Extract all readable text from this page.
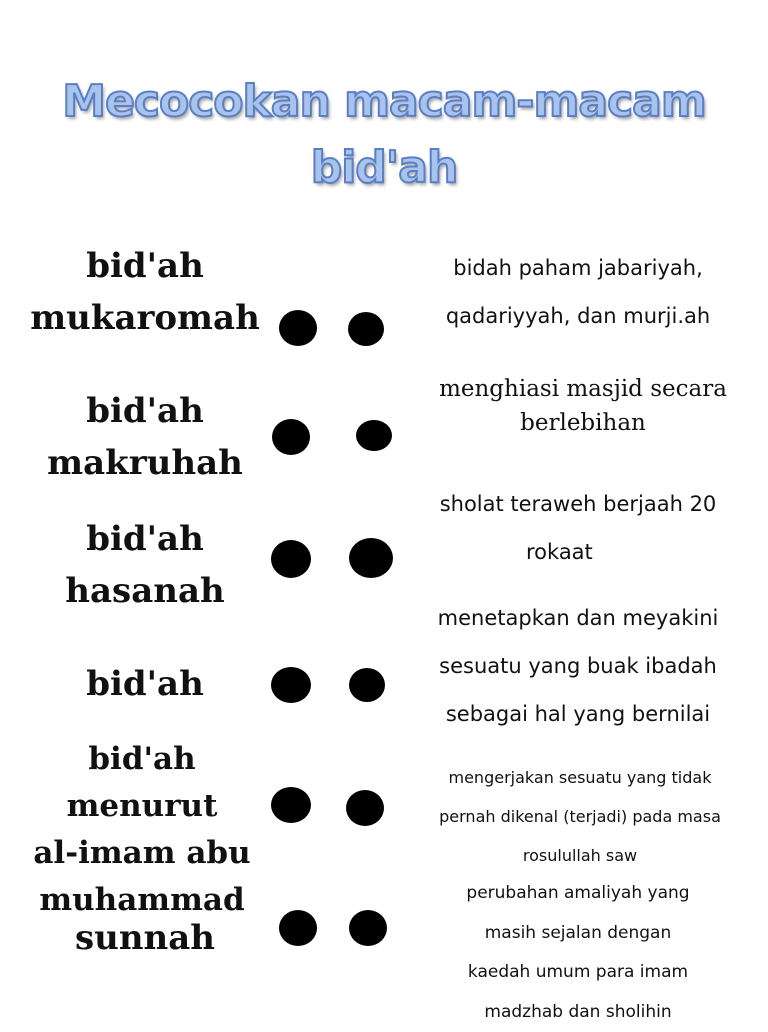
Mecocokan macam-macam
bid'ah
bid'ah
mukaromah
bid'ah
makruhah
bid'ah
hasanah
bid'ah
bid'ah menurut
al-imam abu
muhammad
sunnah
bidah paham jabariyah,
qadariyyah, dan murji.ah
menghiasi masjid secara
berlebihan
sholat teraweh berjaah 20
rokaat
menetapkan dan meyakini
sesuatu yang buak ibadah
sebagai hal yang bernilai
mengerjakan sesuatu yang tidak
pernah dikenal (terjadi) pada masa
rosulullah saw
perubahan amaliyah yang
masih sejalan dengan
kaedah umum para imam
madzhab dan sholihin
